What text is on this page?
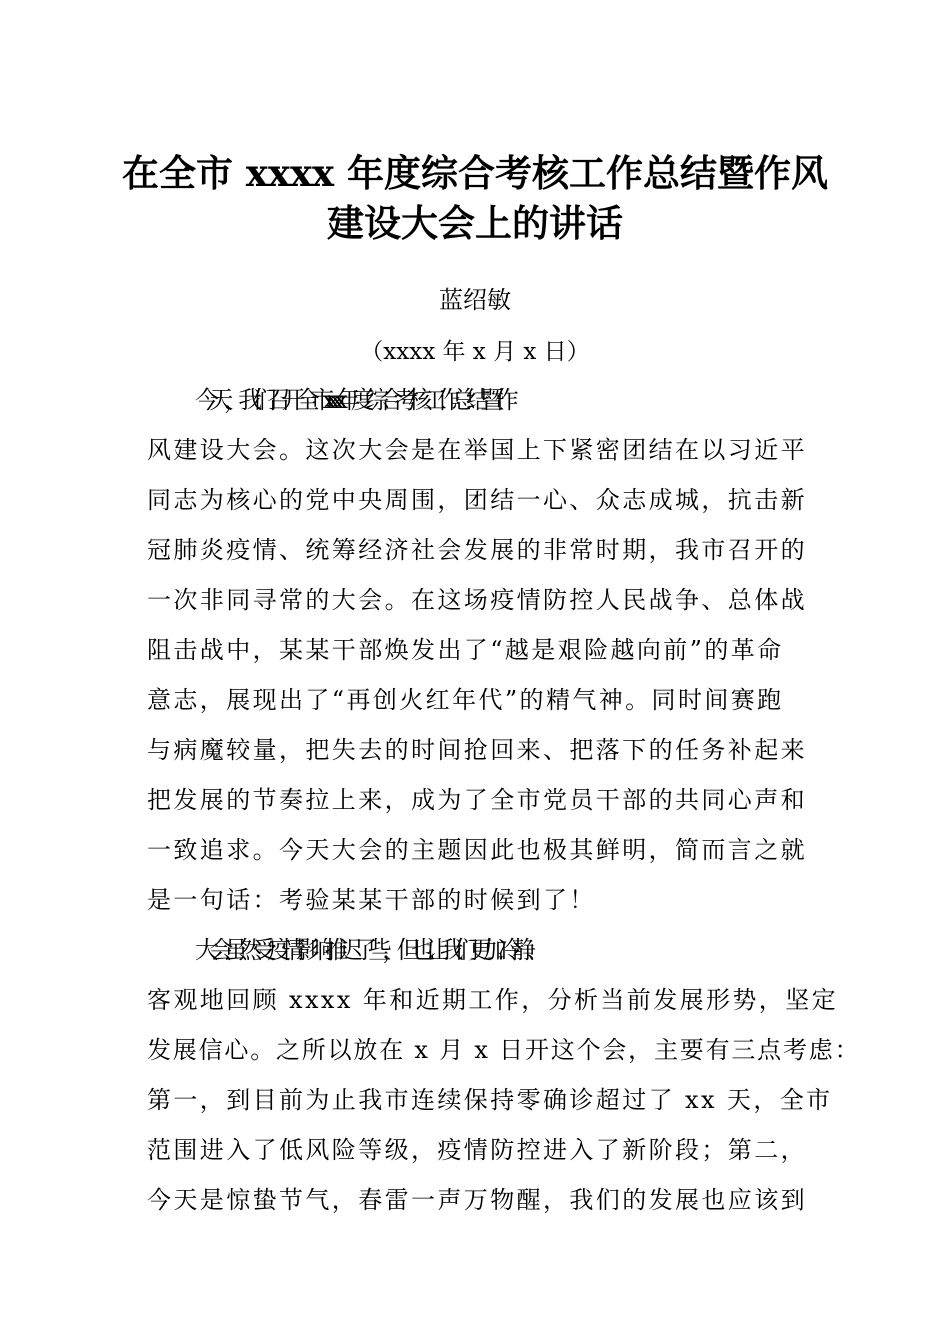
在全市 xxxx 年度综合考核工作总结暨作风
建设大会上的讲话
蓝绍敏
（xxxx 年 x 月 x 日）
今天，我们召开全市 xxxx 年度综合考核工作总结暨作
风建设大会。这次大会是在举国上下紧密团结在以习近平
同志为核心的党中央周围，团结一心、众志成城，抗击新
冠肺炎疫情、统筹经济社会发展的非常时期，我市召开的
一次非同寻常的大会。在这场疫情防控人民战争、总体战
阻击战中，某某干部焕发出了“越是艰险越向前”的革命
意志，展现出了“再创火红年代”的精气神。同时间赛跑
与病魔较量，把失去的时间抢回来、把落下的任务补起来
把发展的节奏拉上来，成为了全市党员干部的共同心声和
一致追求。今天大会的主题因此也极其鲜明，简而言之就
是一句话：考验某某干部的时候到了！
大会虽然受疫情影响推迟了些，但也让我们更加冷静、
客观地回顾 xxxx 年和近期工作，分析当前发展形势，坚定
发展信心。之所以放在 x 月 x 日开这个会，主要有三点考虑：
第一，到目前为止我市连续保持零确诊超过了 xx 天，全市
范围进入了低风险等级，疫情防控进入了新阶段；第二，
今天是惊蛰节气，春雷一声万物醒，我们的发展也应该到
